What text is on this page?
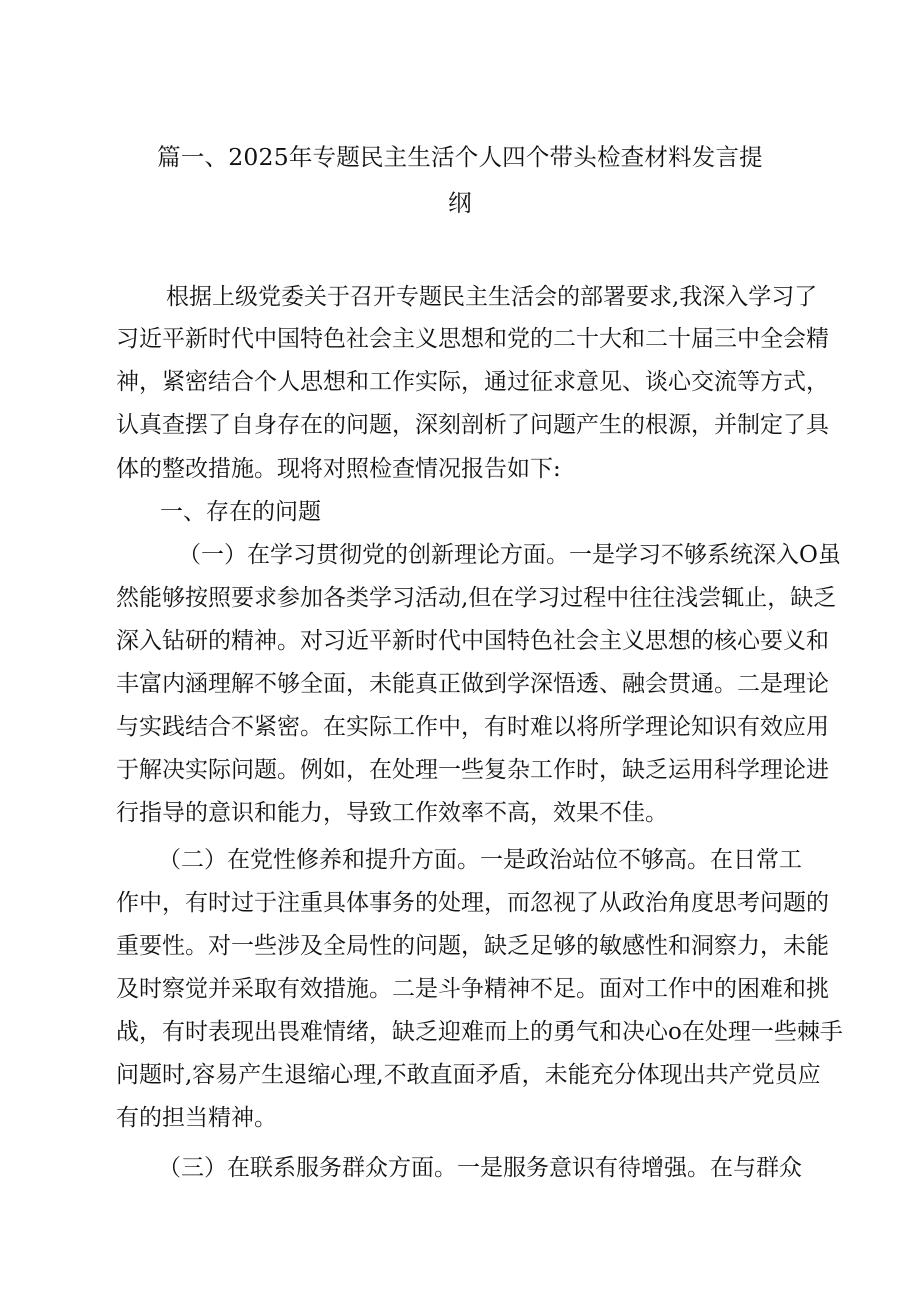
篇一、2025年专题民主生活个人四个带头检查材料发言提
纲
根据上级党委关于召开专题民主生活会的部署要求,我深入学习了
习近平新时代中国特色社会主义思想和党的二十大和二十届三中全会精
神，紧密结合个人思想和工作实际，通过征求意见、谈心交流等方式，
认真查摆了自身存在的问题，深刻剖析了问题产生的根源，并制定了具
体的整改措施。现将对照检查情况报告如下:
一、存在的问题
（一）在学习贯彻党的创新理论方面。一是学习不够系统深入O虽
然能够按照要求参加各类学习活动,但在学习过程中往往浅尝辄止，缺乏
深入钻研的精神。对习近平新时代中国特色社会主义思想的核心要义和
丰富内涵理解不够全面，未能真正做到学深悟透、融会贯通。二是理论
与实践结合不紧密。在实际工作中，有时难以将所学理论知识有效应用
于解决实际问题。例如，在处理一些复杂工作时，缺乏运用科学理论进
行指导的意识和能力，导致工作效率不高，效果不佳。
（二）在党性修养和提升方面。一是政治站位不够高。在日常工
作中，有时过于注重具体事务的处理，而忽视了从政治角度思考问题的
重要性。对一些涉及全局性的问题，缺乏足够的敏感性和洞察力，未能
及时察觉并采取有效措施。二是斗争精神不足。面对工作中的困难和挑
战，有时表现出畏难情绪，缺乏迎难而上的勇气和决心o在处理一些棘手
问题时,容易产生退缩心理,不敢直面矛盾，未能充分体现出共产党员应
有的担当精神。
（三）在联系服务群众方面。一是服务意识有待增强。在与群众
